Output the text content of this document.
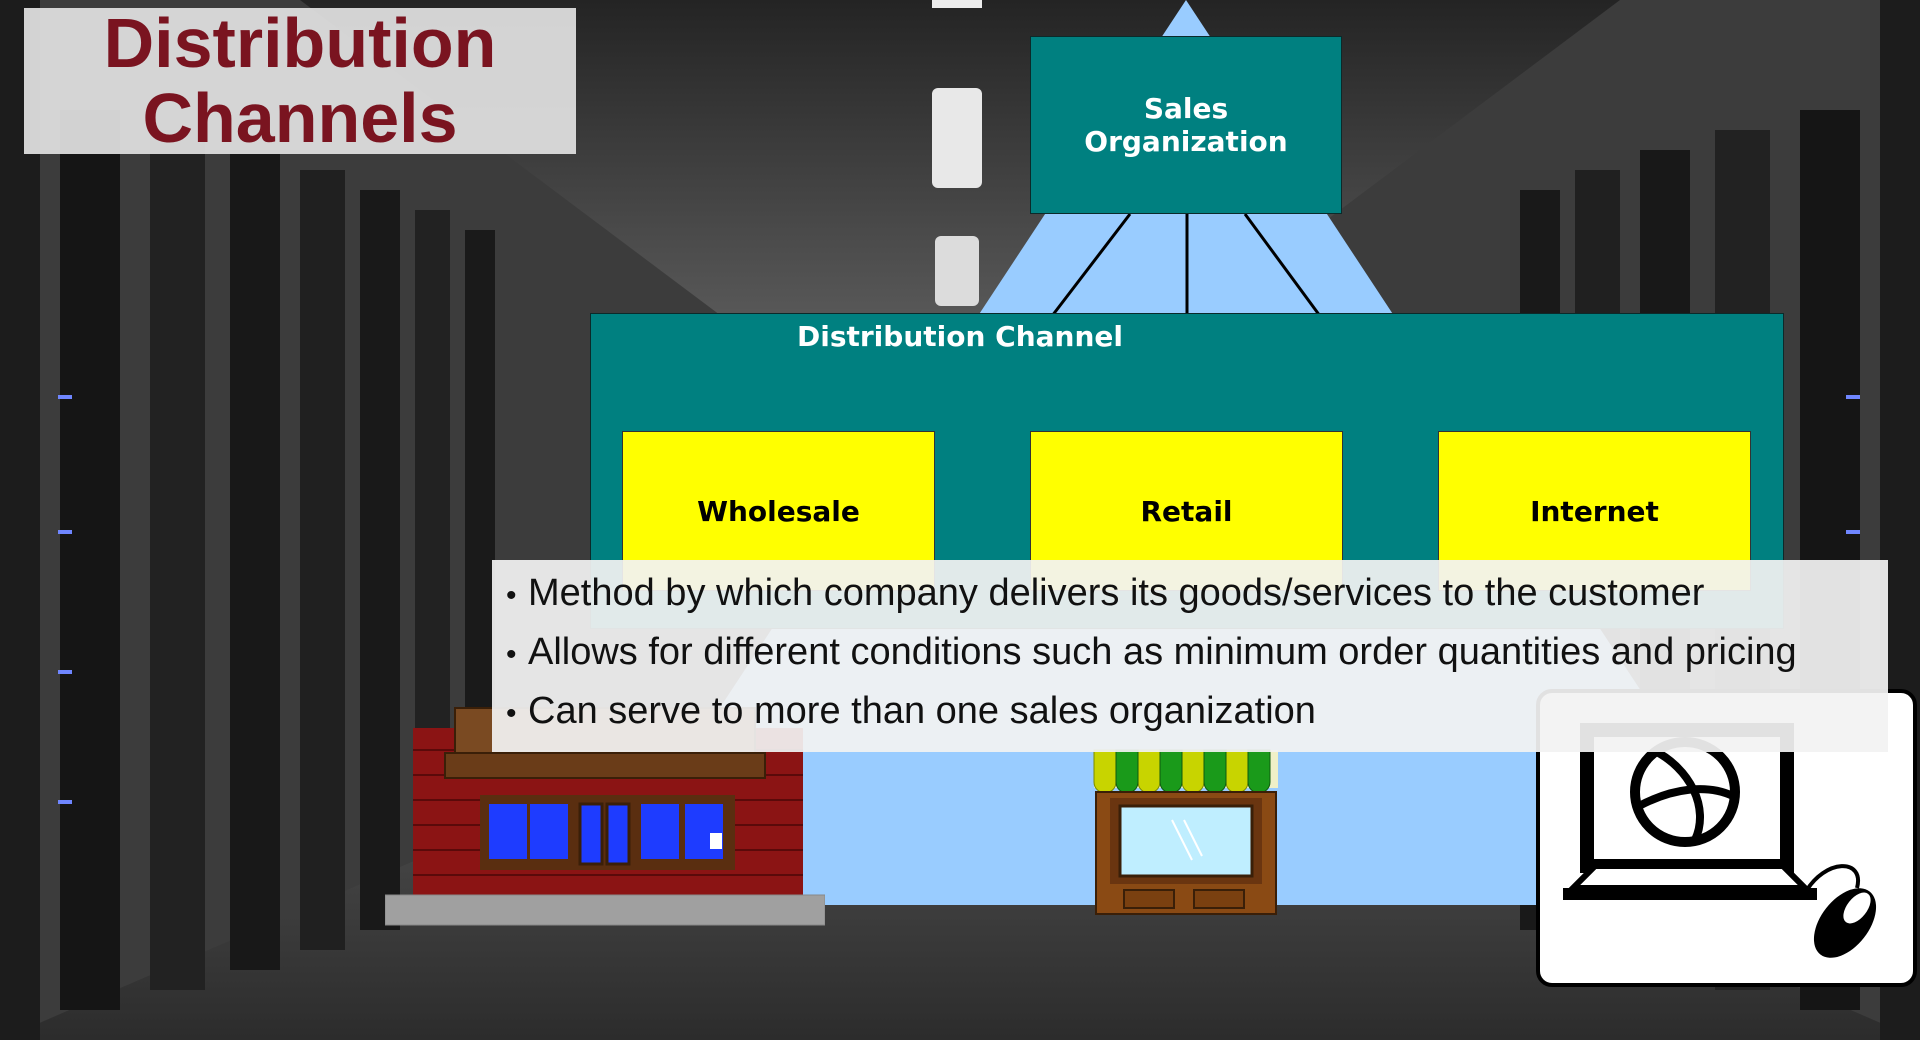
Distribution
Channels	Sales
Organization
Distribution Channel
Wholesale	Retail	Internet
• Method by which company delivers its goods/services to the customer
• Allows for different conditions such as minimum order quantities and pricing
• Can serve to more than one sales organization
